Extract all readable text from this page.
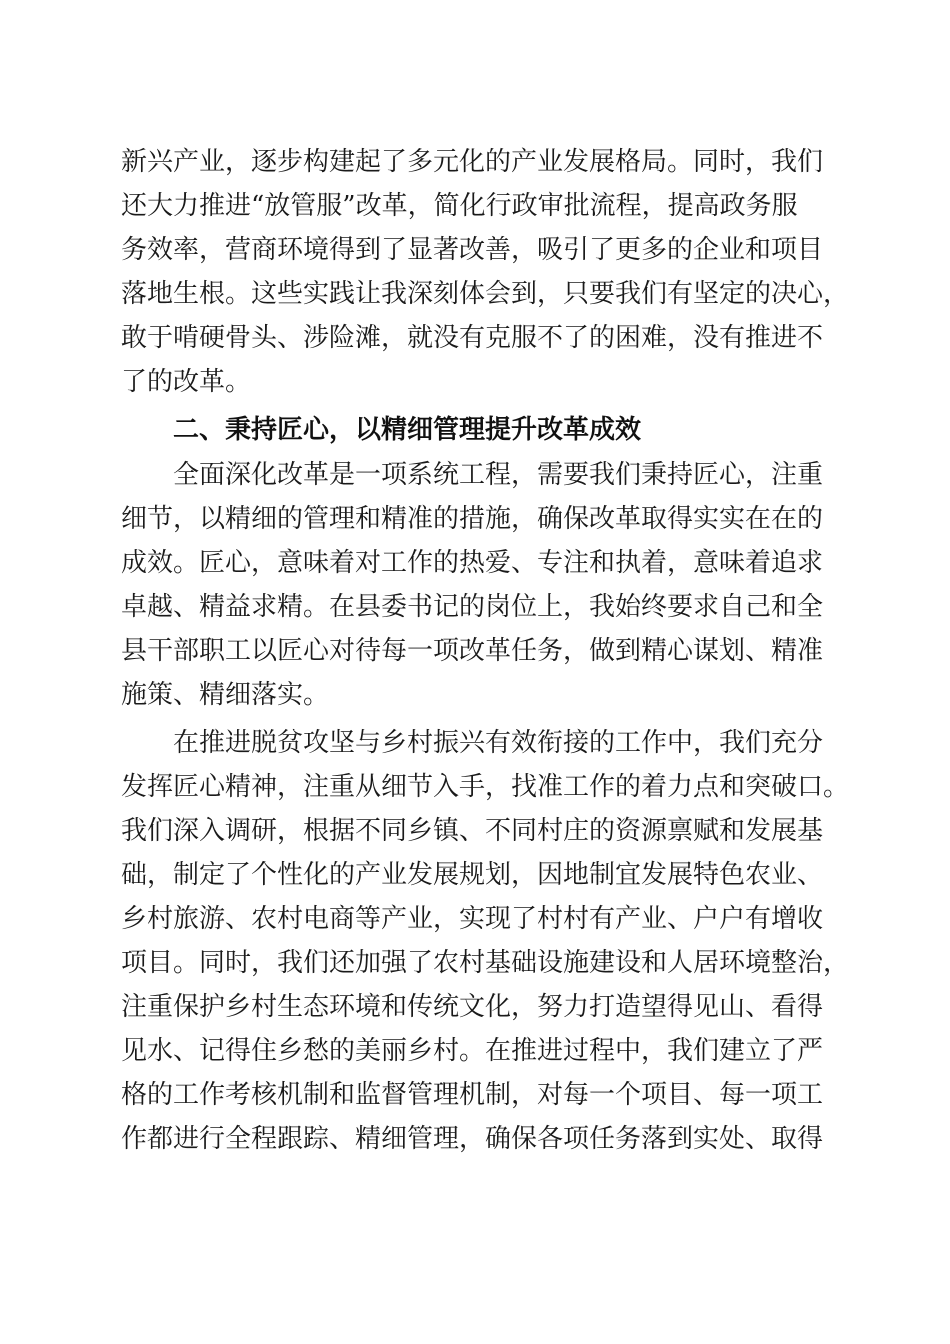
新兴产业，逐步构建起了多元化的产业发展格局。同时，我们
还大力推进“放管服”改革，简化行政审批流程，提高政务服
务效率，营商环境得到了显著改善，吸引了更多的企业和项目
落地生根。这些实践让我深刻体会到，只要我们有坚定的决心，
敢于啃硬骨头、涉险滩，就没有克服不了的困难，没有推进不
了的改革。
二、秉持匠心，以精细管理提升改革成效
全面深化改革是一项系统工程，需要我们秉持匠心，注重
细节，以精细的管理和精准的措施，确保改革取得实实在在的
成效。匠心，意味着对工作的热爱、专注和执着，意味着追求
卓越、精益求精。在县委书记的岗位上，我始终要求自己和全
县干部职工以匠心对待每一项改革任务，做到精心谋划、精准
施策、精细落实。
在推进脱贫攻坚与乡村振兴有效衔接的工作中，我们充分
发挥匠心精神，注重从细节入手，找准工作的着力点和突破口。
我们深入调研，根据不同乡镇、不同村庄的资源禀赋和发展基
础，制定了个性化的产业发展规划，因地制宜发展特色农业、
乡村旅游、农村电商等产业，实现了村村有产业、户户有增收
项目。同时，我们还加强了农村基础设施建设和人居环境整治，
注重保护乡村生态环境和传统文化，努力打造望得见山、看得
见水、记得住乡愁的美丽乡村。在推进过程中，我们建立了严
格的工作考核机制和监督管理机制，对每一个项目、每一项工
作都进行全程跟踪、精细管理，确保各项任务落到实处、取得
